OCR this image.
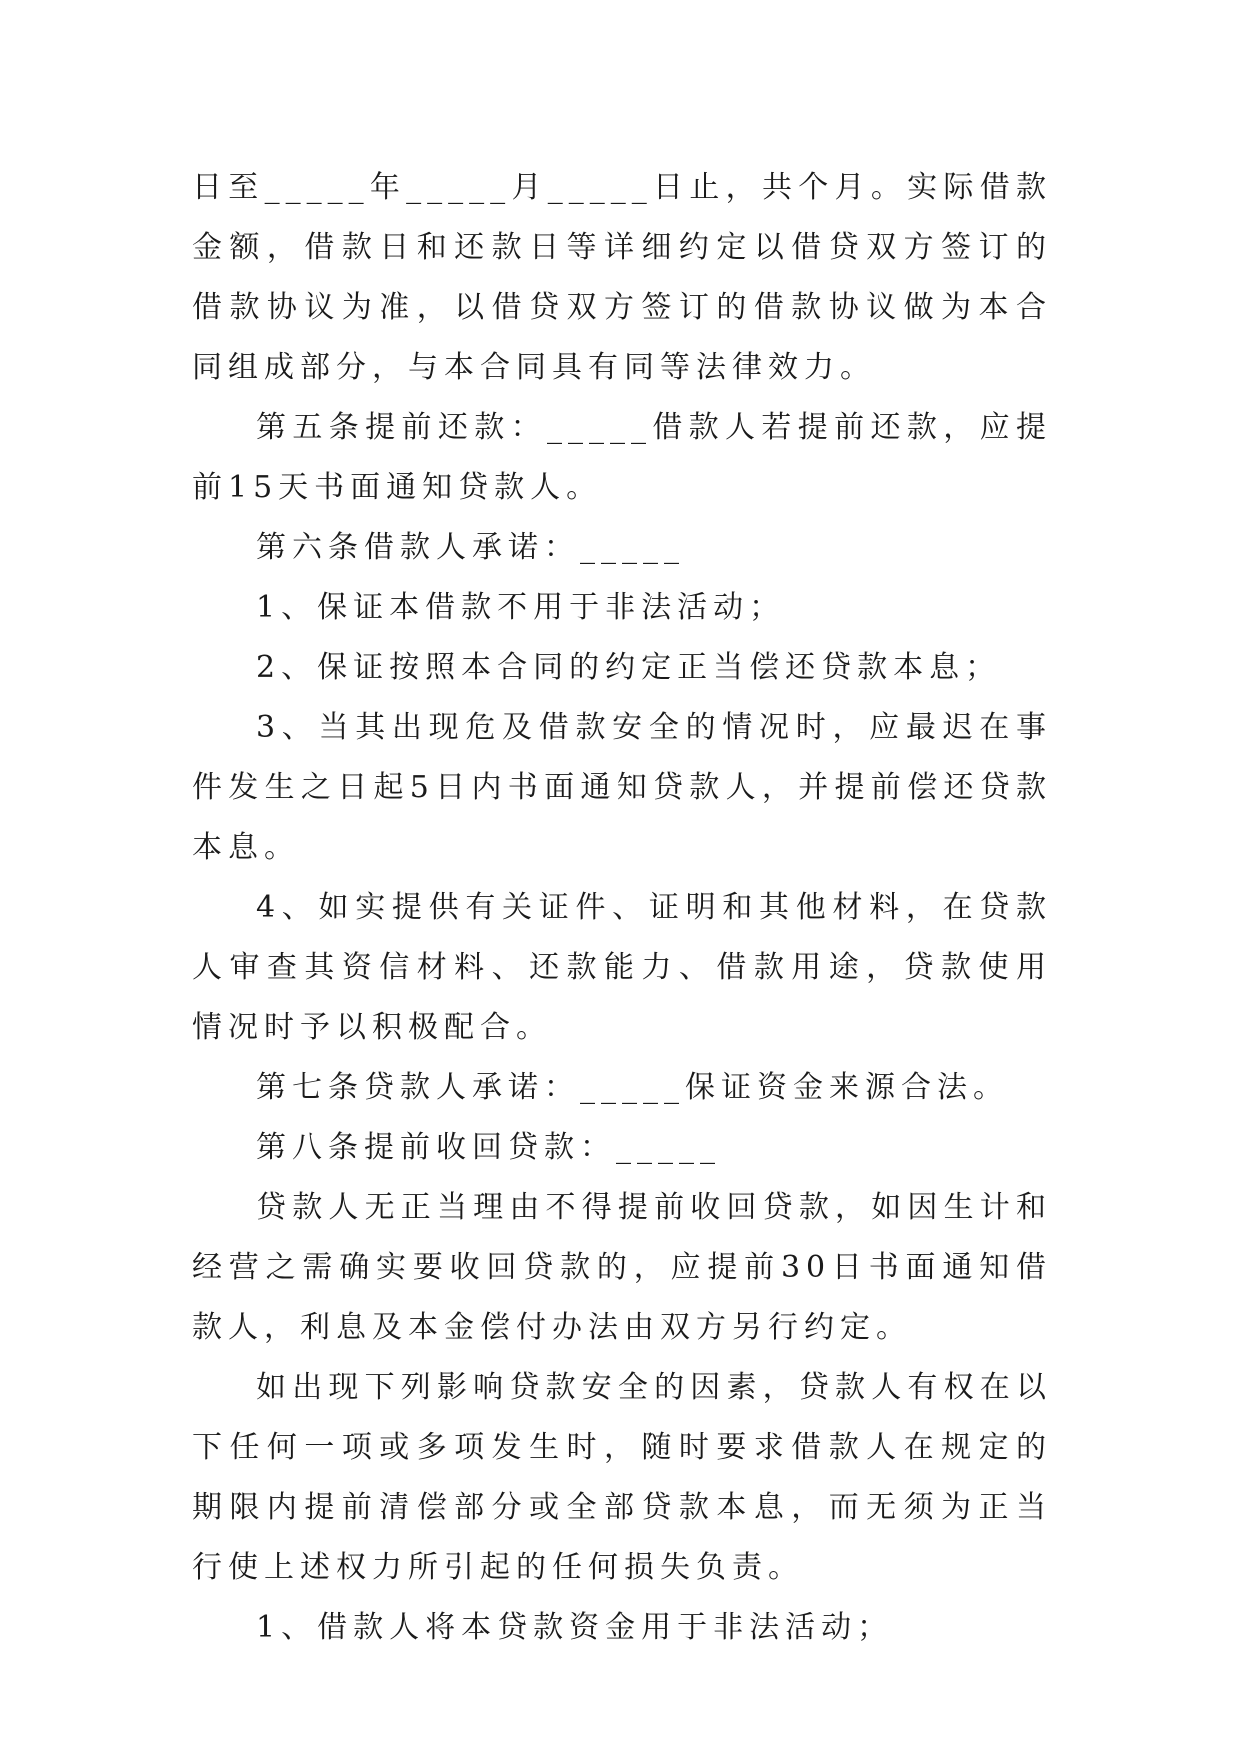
日至_____年_____月_____日止，共个月。实际借款金额，借款日和还款日等详细约定以借贷双方签订的借款协议为准，以借贷双方签订的借款协议做为本合同组成部分，与本合同具有同等法律效力。

第五条提前还款：_____借款人若提前还款，应提前15天书面通知贷款人。

第六条借款人承诺：_____

1、保证本借款不用于非法活动；

2、保证按照本合同的约定正当偿还贷款本息；

3、当其出现危及借款安全的情况时，应最迟在事件发生之日起5日内书面通知贷款人，并提前偿还贷款本息。

4、如实提供有关证件、证明和其他材料，在贷款人审查其资信材料、还款能力、借款用途，贷款使用情况时予以积极配合。

第七条贷款人承诺：_____保证资金来源合法。

第八条提前收回贷款：_____

贷款人无正当理由不得提前收回贷款，如因生计和经营之需确实要收回贷款的，应提前30日书面通知借款人，利息及本金偿付办法由双方另行约定。

如出现下列影响贷款安全的因素，贷款人有权在以下任何一项或多项发生时，随时要求借款人在规定的期限内提前清偿部分或全部贷款本息，而无须为正当行使上述权力所引起的任何损失负责。

1、借款人将本贷款资金用于非法活动；
